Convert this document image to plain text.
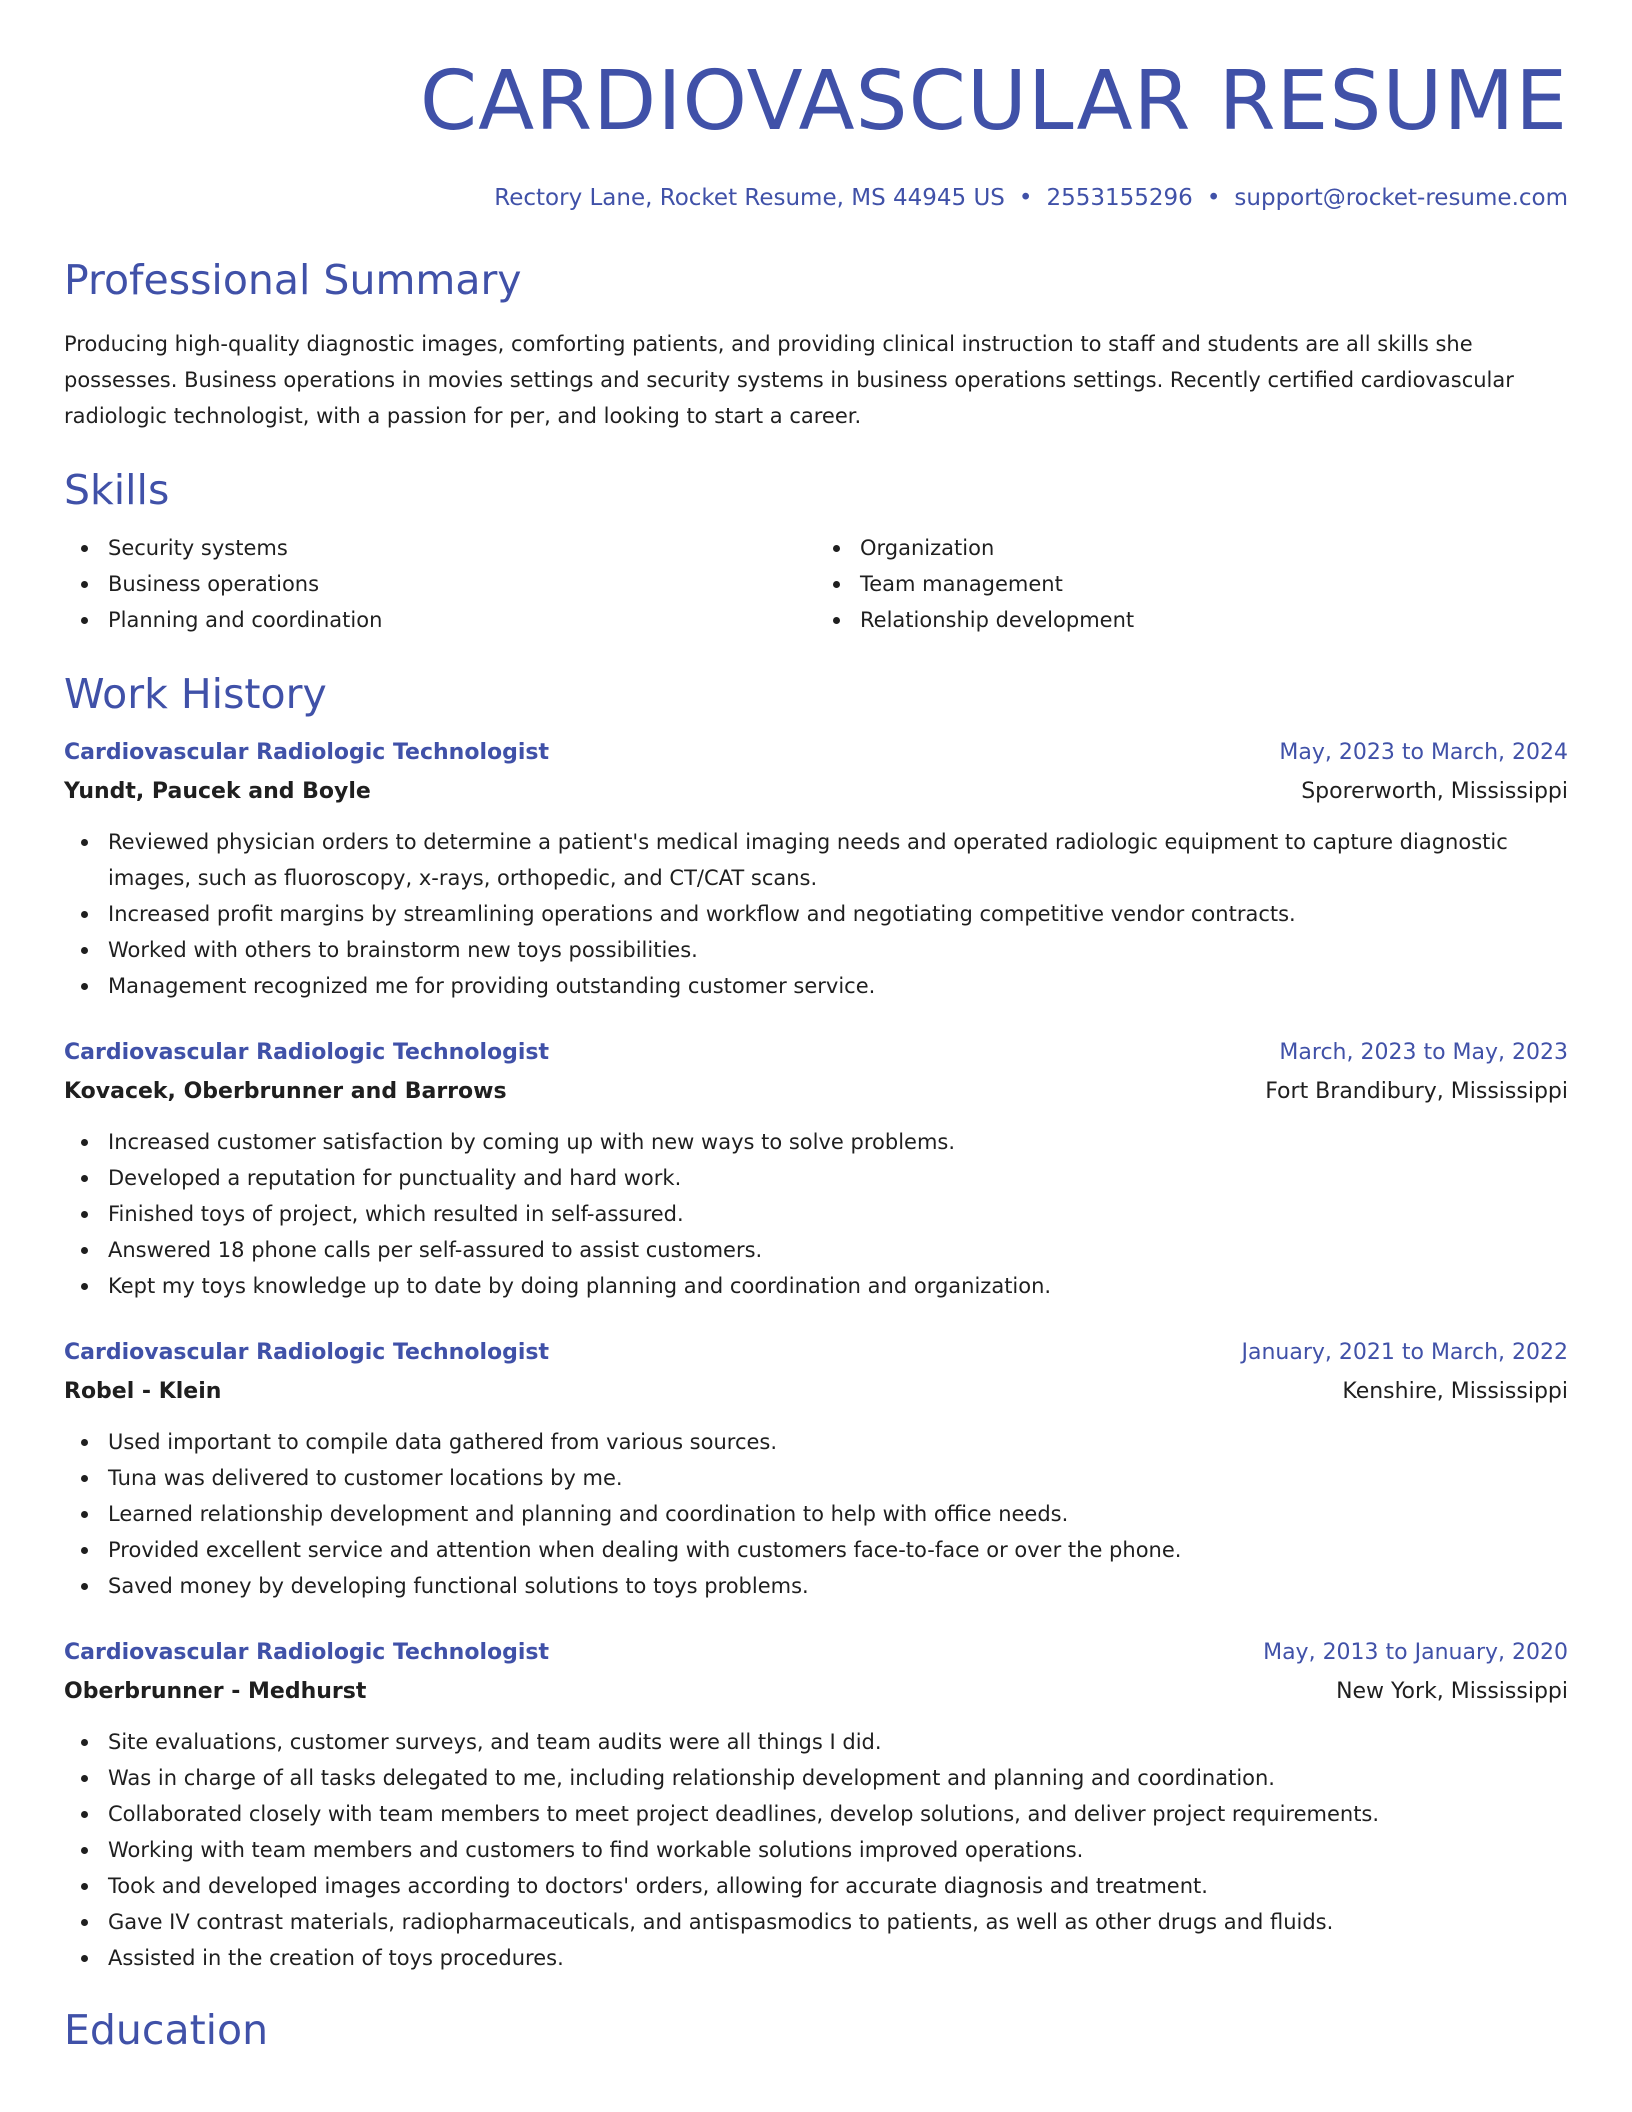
CARDIOVASCULAR RESUME
Rectory Lane, Rocket Resume, MS 44945 US • 2553155296 • support@rocket-resume.com
Professional Summary

Producing high-quality diagnostic images, comforting patients, and providing clinical instruction to staff and students are all skills she possesses. Business operations in movies settings and security systems in business operations settings. Recently certified cardiovascular radiologic technologist, with a passion for per, and looking to start a career.

Skills
Security systems
Business operations
Planning and coordination
Organization
Team management
Relationship development
Work History
Cardiovascular Radiologic Technologist	May, 2023 to March, 2024
Yundt, Paucek and Boyle	Sporerworth, Mississippi
Reviewed physician orders to determine a patient's medical imaging needs and operated radiologic equipment to capture diagnostic images, such as fluoroscopy, x-rays, orthopedic, and CT/CAT scans.
Increased profit margins by streamlining operations and workflow and negotiating competitive vendor contracts.
Worked with others to brainstorm new toys possibilities.
Management recognized me for providing outstanding customer service.
Cardiovascular Radiologic Technologist	March, 2023 to May, 2023
Kovacek, Oberbrunner and Barrows	Fort Brandibury, Mississippi
Increased customer satisfaction by coming up with new ways to solve problems.
Developed a reputation for punctuality and hard work.
Finished toys of project, which resulted in self-assured.
Answered 18 phone calls per self-assured to assist customers.
Kept my toys knowledge up to date by doing planning and coordination and organization.
Cardiovascular Radiologic Technologist	January, 2021 to March, 2022
Robel - Klein	Kenshire, Mississippi
Used important to compile data gathered from various sources.
Tuna was delivered to customer locations by me.
Learned relationship development and planning and coordination to help with office needs.
Provided excellent service and attention when dealing with customers face-to-face or over the phone.
Saved money by developing functional solutions to toys problems.
Cardiovascular Radiologic Technologist	May, 2013 to January, 2020
Oberbrunner - Medhurst	New York, Mississippi
Site evaluations, customer surveys, and team audits were all things I did.
Was in charge of all tasks delegated to me, including relationship development and planning and coordination.
Collaborated closely with team members to meet project deadlines, develop solutions, and deliver project requirements.
Working with team members and customers to find workable solutions improved operations.
Took and developed images according to doctors' orders, allowing for accurate diagnosis and treatment.
Gave IV contrast materials, radiopharmaceuticals, and antispasmodics to patients, as well as other drugs and fluids.
Assisted in the creation of toys procedures.
Education
